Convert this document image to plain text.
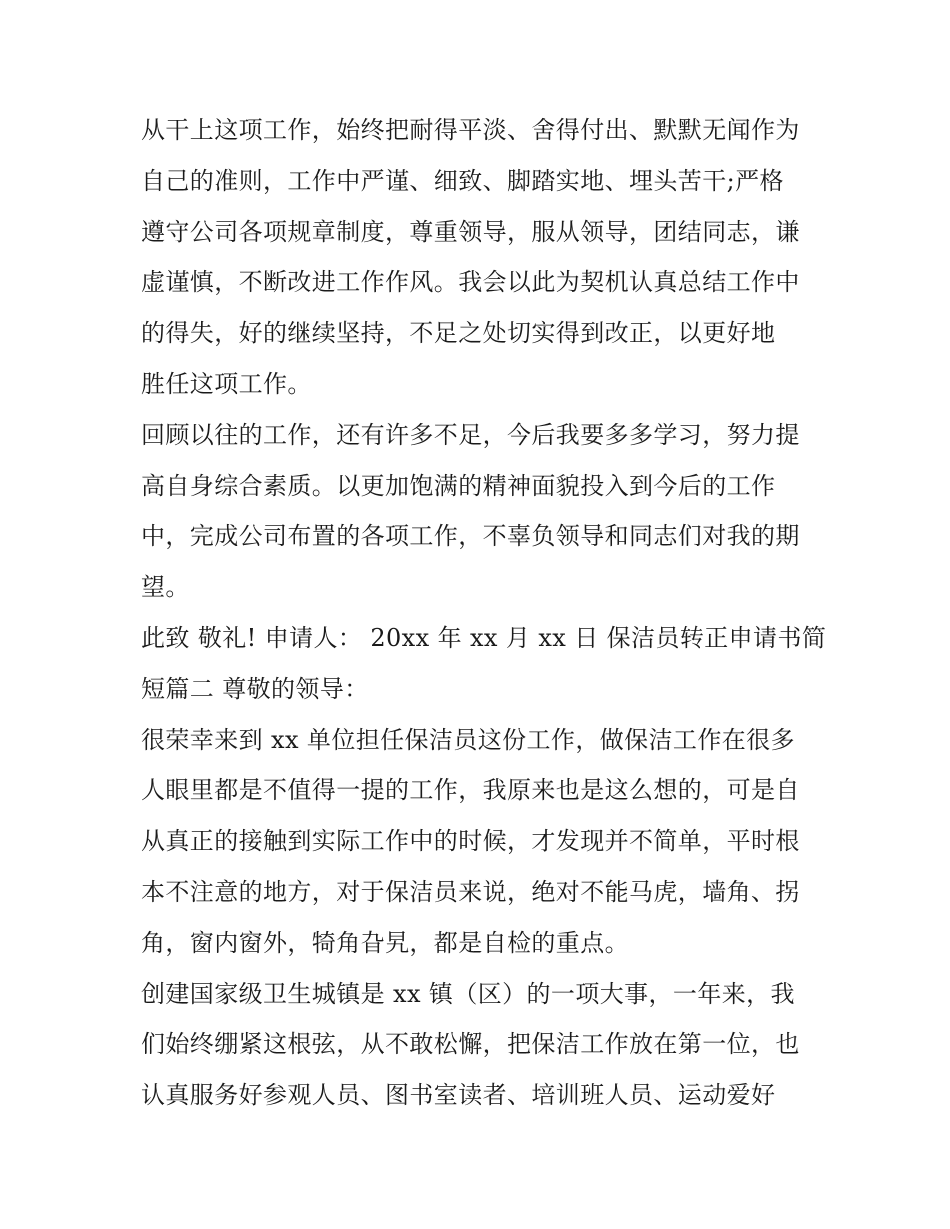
从干上这项工作，始终把耐得平淡、舍得付出、默默无闻作为
自己的准则，工作中严谨、细致、脚踏实地、埋头苦干;严格
遵守公司各项规章制度，尊重领导，服从领导，团结同志，谦
虚谨慎，不断改进工作作风。我会以此为契机认真总结工作中
的得失，好的继续坚持，不足之处切实得到改正，以更好地
胜任这项工作。
回顾以往的工作，还有许多不足，今后我要多多学习，努力提
高自身综合素质。以更加饱满的精神面貌投入到今后的工作
中，完成公司布置的各项工作，不辜负领导和同志们对我的期
望。
此致 敬礼! 申请人： 20xx 年 xx 月 xx 日 保洁员转正申请书简
短篇二 尊敬的领导：
很荣幸来到 xx 单位担任保洁员这份工作，做保洁工作在很多
人眼里都是不值得一提的工作，我原来也是这么想的，可是自
从真正的接触到实际工作中的时候，才发现并不简单，平时根
本不注意的地方，对于保洁员来说，绝对不能马虎，墙角、拐
角，窗内窗外，犄角旮旯，都是自检的重点。
创建国家级卫生城镇是 xx 镇（区）的一项大事，一年来，我
们始终绷紧这根弦，从不敢松懈，把保洁工作放在第一位，也
认真服务好参观人员、图书室读者、培训班人员、运动爱好
